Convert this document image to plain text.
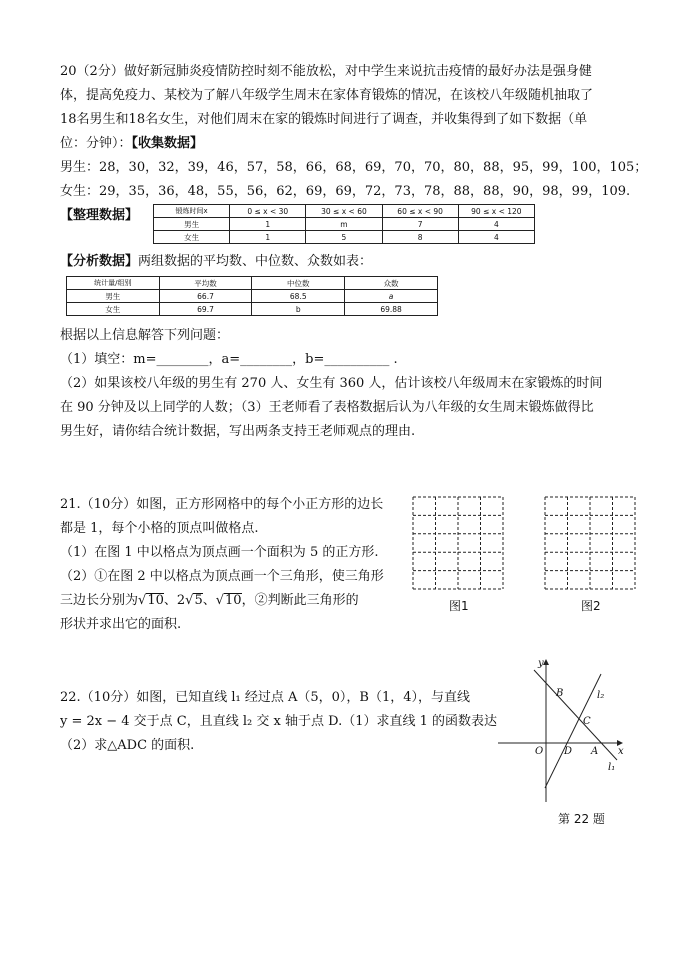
20（2分）做好新冠肺炎疫情防控时刻不能放松，对中学生来说抗击疫情的最好办法是强身健
体，提高免疫力、某校为了解八年级学生周末在家体育锻炼的情况，在该校八年级随机抽取了
18名男生和18名女生，对他们周末在家的锻炼时间进行了调查，并收集得到了如下数据（单
位：分钟）：【收集数据】
男生：28，30，32，39，46，57，58，66，68，69，70，70，80，88，95，99，100，105；
女生：29，35，36，48，55，56，62，69，69，72，73，78，88，88，90，98，99，109.
【整理数据】	锻炼时间x	0 ≤ x < 30	30 ≤ x < 60	60 ≤ x < 90	90 ≤ x < 120
男生	1	m	7	4
女生	1	5	8	4
【分析数据】两组数据的平均数、中位数、众数如表：
统计量/组别	平均数	中位数	众数
男生	66.7	68.5	a
女生	69.7	b	69.88
根据以上信息解答下列问题：
（1）填空：m=________，a=________，b=__________ .
（2）如果该校八年级的男生有 270 人、女生有 360 人，估计该校八年级周末在家锻炼的时间
在 90 分钟及以上同学的人数；（3）王老师看了表格数据后认为八年级的女生周末锻炼做得比
男生好，请你结合统计数据，写出两条支持王老师观点的理由.
21.（10分）如图，正方形网格中的每个小正方形的边长
都是 1，每个小格的顶点叫做格点.
（1）在图 1 中以格点为顶点画一个面积为 5 的正方形.
（2）①在图 2 中以格点为顶点画一个三角形，使三角形
三边长分别为√10、2√5、√10，②判断此三角形的
形状并求出它的面积.
图1	图2
22.（10分）如图，已知直线 l₁ 经过点 A（5，0），B（1，4），与直线
y = 2x − 4 交于点 C，且直线 l₂ 交 x 轴于点 D.（1）求直线 1 的函数表达
（2）求△ADC 的面积.
y
x
O D A
B
C
l₂
l₁
第 22 题
